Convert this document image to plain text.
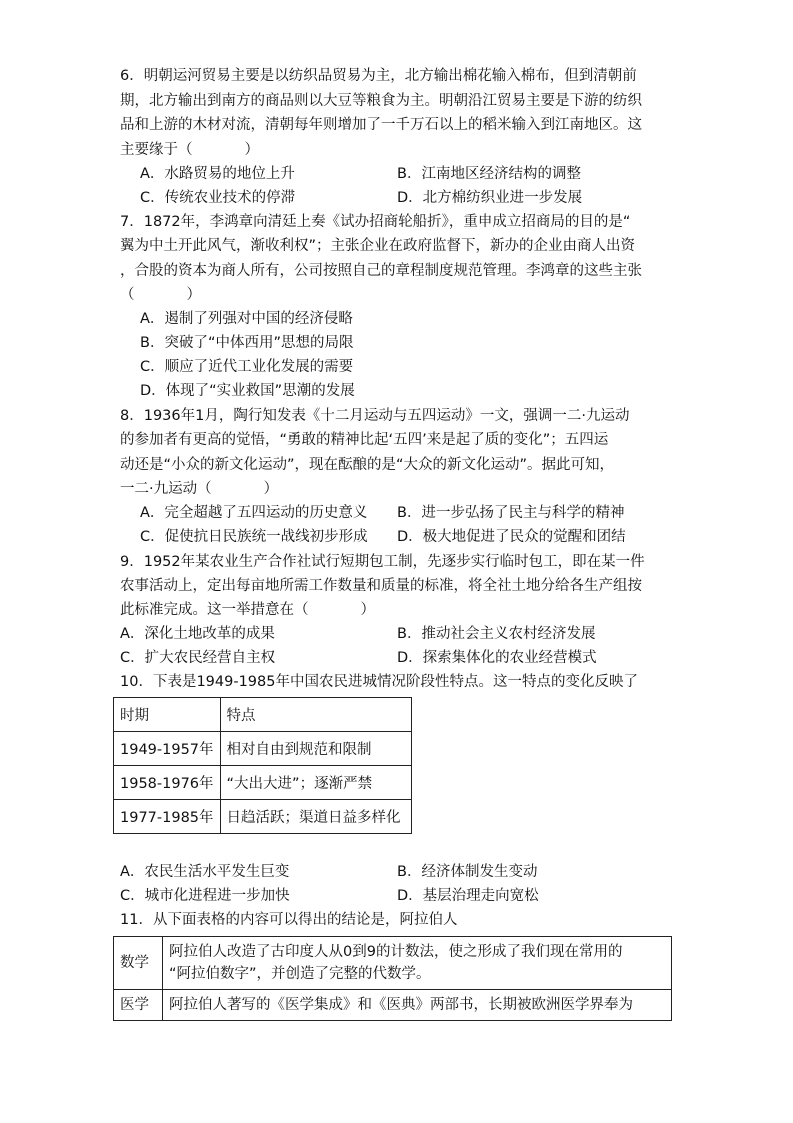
6．明朝运河贸易主要是以纺织品贸易为主，北方输出棉花输入棉布，但到清朝前
期，北方输出到南方的商品则以大豆等粮食为主。明朝沿江贸易主要是下游的纺织
品和上游的木材对流，清朝每年则增加了一千万石以上的稻米输入到江南地区。这
主要缘于（	）
A．水路贸易的地位上升	B．江南地区经济结构的调整
C．传统农业技术的停滞	D．北方棉纺织业进一步发展
7．1872年，李鸿章向清廷上奏《试办招商轮船折》，重申成立招商局的目的是“
翼为中土开此风气，渐收利权”；主张企业在政府监督下，新办的企业由商人出资
，合股的资本为商人所有，公司按照自己的章程制度规范管理。李鸿章的这些主张
（	）
A．遏制了列强对中国的经济侵略
B．突破了“中体西用”思想的局限
C．顺应了近代工业化发展的需要
D．体现了“实业救国”思潮的发展
8．1936年1月，陶行知发表《十二月运动与五四运动》一文，强调一二·九运动
的参加者有更高的觉悟，“勇敢的精神比起‘五四’来是起了质的变化”；五四运
动还是“小众的新文化运动”，现在酝酿的是“大众的新文化运动”。据此可知，
一二·九运动（	）
A．完全超越了五四运动的历史意义 B．进一步弘扬了民主与科学的精神
C．促使抗日民族统一战线初步形成 D．极大地促进了民众的觉醒和团结
9．1952年某农业生产合作社试行短期包工制，先逐步实行临时包工，即在某一件
农事活动上，定出每亩地所需工作数量和质量的标准，将全社土地分给各生产组按
此标准完成。这一举措意在（	）
A．深化土地改革的成果	B．推动社会主义农村经济发展
C．扩大农民经营自主权	D．探索集体化的农业经营模式
10．下表是1949-1985年中国农民进城情况阶段性特点。这一特点的变化反映了
时期	特点
1949-1957年	相对自由到规范和限制
1958-1976年	“大出大进”；逐渐严禁
1977-1985年	日趋活跃；渠道日益多样化
A．农民生活水平发生巨变	B．经济体制发生变动
C．城市化进程进一步加快	D．基层治理走向宽松
11．从下面表格的内容可以得出的结论是，阿拉伯人
数学	阿拉伯人改造了古印度人从0到9的计数法，使之形成了我们现在常用的
“阿拉伯数字”，并创造了完整的代数学。

医学	阿拉伯人著写的《医学集成》和《医典》两部书，长期被欧洲医学界奉为
